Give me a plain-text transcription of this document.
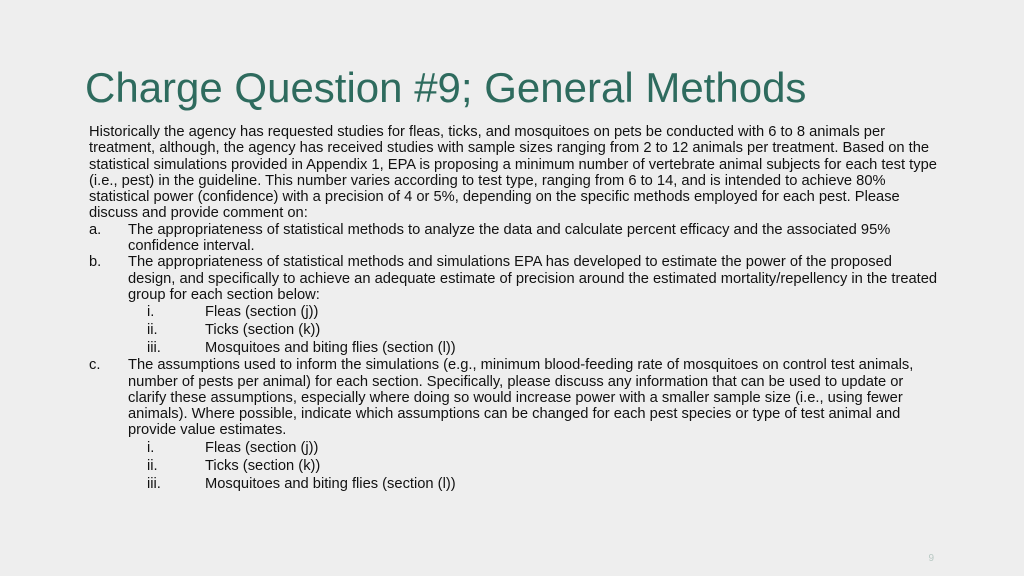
Charge Question #9; General Methods

Historically the agency has requested studies for fleas, ticks, and mosquitoes on pets be conducted with 6 to 8 animals per treatment, although, the agency has received studies with sample sizes ranging from 2 to 12 animals per treatment. Based on the statistical simulations provided in Appendix 1, EPA is proposing a minimum number of vertebrate animal subjects for each test type (i.e., pest) in the guideline. This number varies according to test type, ranging from 6 to 14, and is intended to achieve 80% statistical power (confidence) with a precision of 4 or 5%, depending on the specific methods employed for each pest. Please discuss and provide comment on:

a. The appropriateness of statistical methods to analyze the data and calculate percent efficacy and the associated 95% confidence interval.
b. The appropriateness of statistical methods and simulations EPA has developed to estimate the power of the proposed design, and specifically to achieve an adequate estimate of precision around the estimated mortality/repellency in the treated group for each section below:
i.	Fleas (section (j))
ii.	Ticks (section (k))
iii.	Mosquitoes and biting flies (section (l))
c. The assumptions used to inform the simulations (e.g., minimum blood-feeding rate of mosquitoes on control test animals, number of pests per animal) for each section. Specifically, please discuss any information that can be used to update or clarify these assumptions, especially where doing so would increase power with a smaller sample size (i.e., using fewer animals). Where possible, indicate which assumptions can be changed for each pest species or type of test animal and provide value estimates.
i.	Fleas (section (j))
ii.	Ticks (section (k))
iii.	Mosquitoes and biting flies (section (l))
9
